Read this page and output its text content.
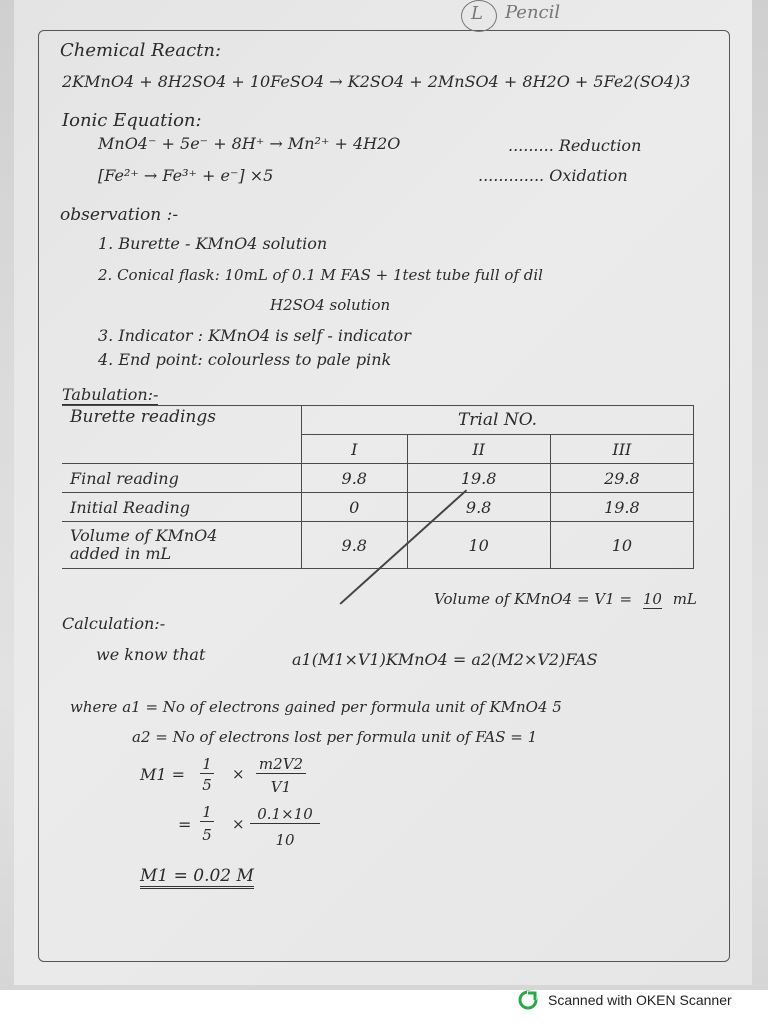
L Pencil
Chemical Reactn:
2KMnO4 + 8H2SO4 + 10FeSO4 → K2SO4 + 2MnSO4 + 8H2O + 5Fe2(SO4)3
Ionic Equation:
MnO4⁻ + 5e⁻ + 8H⁺ → Mn²⁺ + 4H2O	......... Reduction
[Fe²⁺ → Fe³⁺ + e⁻] ×5	............. Oxidation
observation :-
1. Burette - KMnO4 solution
2. Conical flask: 10mL of 0.1 M FAS + 1test tube full of dil
H2SO4 solution
3. Indicator : KMnO4 is self - indicator
4. End point: colourless to pale pink
Tabulation:-
Burette readings	Trial NO.		
	I	II	III
Final reading	9.8	19.8	29.8
Initial Reading	0	9.8	19.8

Volume of KMnO4
added in mL	9.8	10	10
Volume of KMnO4 = V1 = 10 mL
Calculation:-
we know that	a1(M1×V1)KMnO4 = a2(M2×V2)FAS
where a1 = No of electrons gained per formula unit of KMnO4 5
a2 = No of electrons lost per formula unit of FAS = 1
M1 =
1
5
×
m2V2
V1
=
1
5
×
0.1×10
10
M1 = 0.02 M
Scanned with OKEN Scanner
